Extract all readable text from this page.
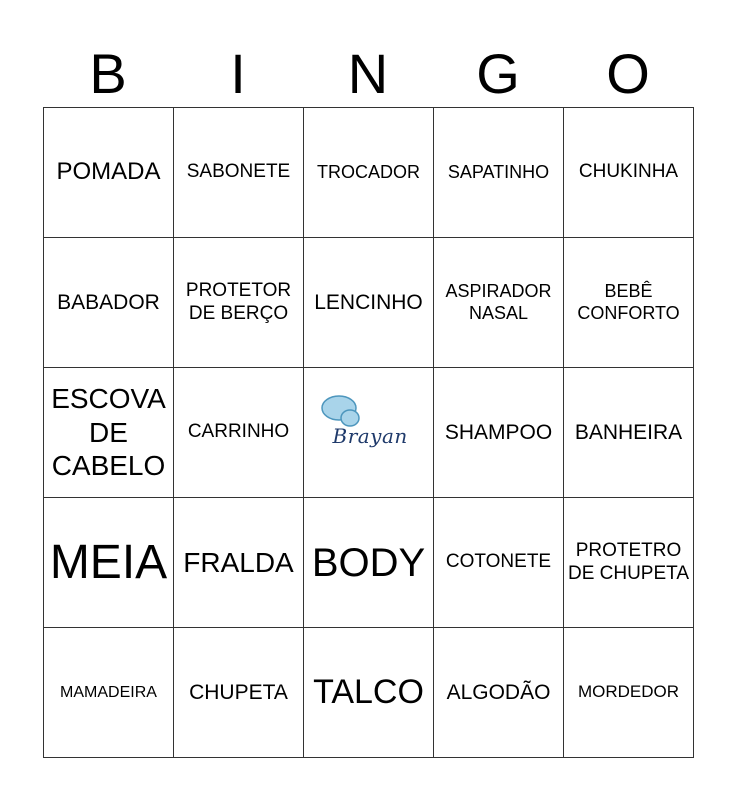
B	I	N	G	O
POMADA	SABONETE	TROCADOR	SAPATINHO	CHUKINHA

BABADOR	PROTETOR DE BERÇO	LENCINHO	ASPIRADOR NASAL	BEBÊ CONFORTO

ESCOVA DE CABELO	CARRINHO	Brayan	SHAMPOO	BANHEIRA

MEIA	FRALDA	BODY	COTONETE	PROTETRO DE CHUPETA

MAMADEIRA	CHUPETA	TALCO	ALGODÃO	MORDEDOR
